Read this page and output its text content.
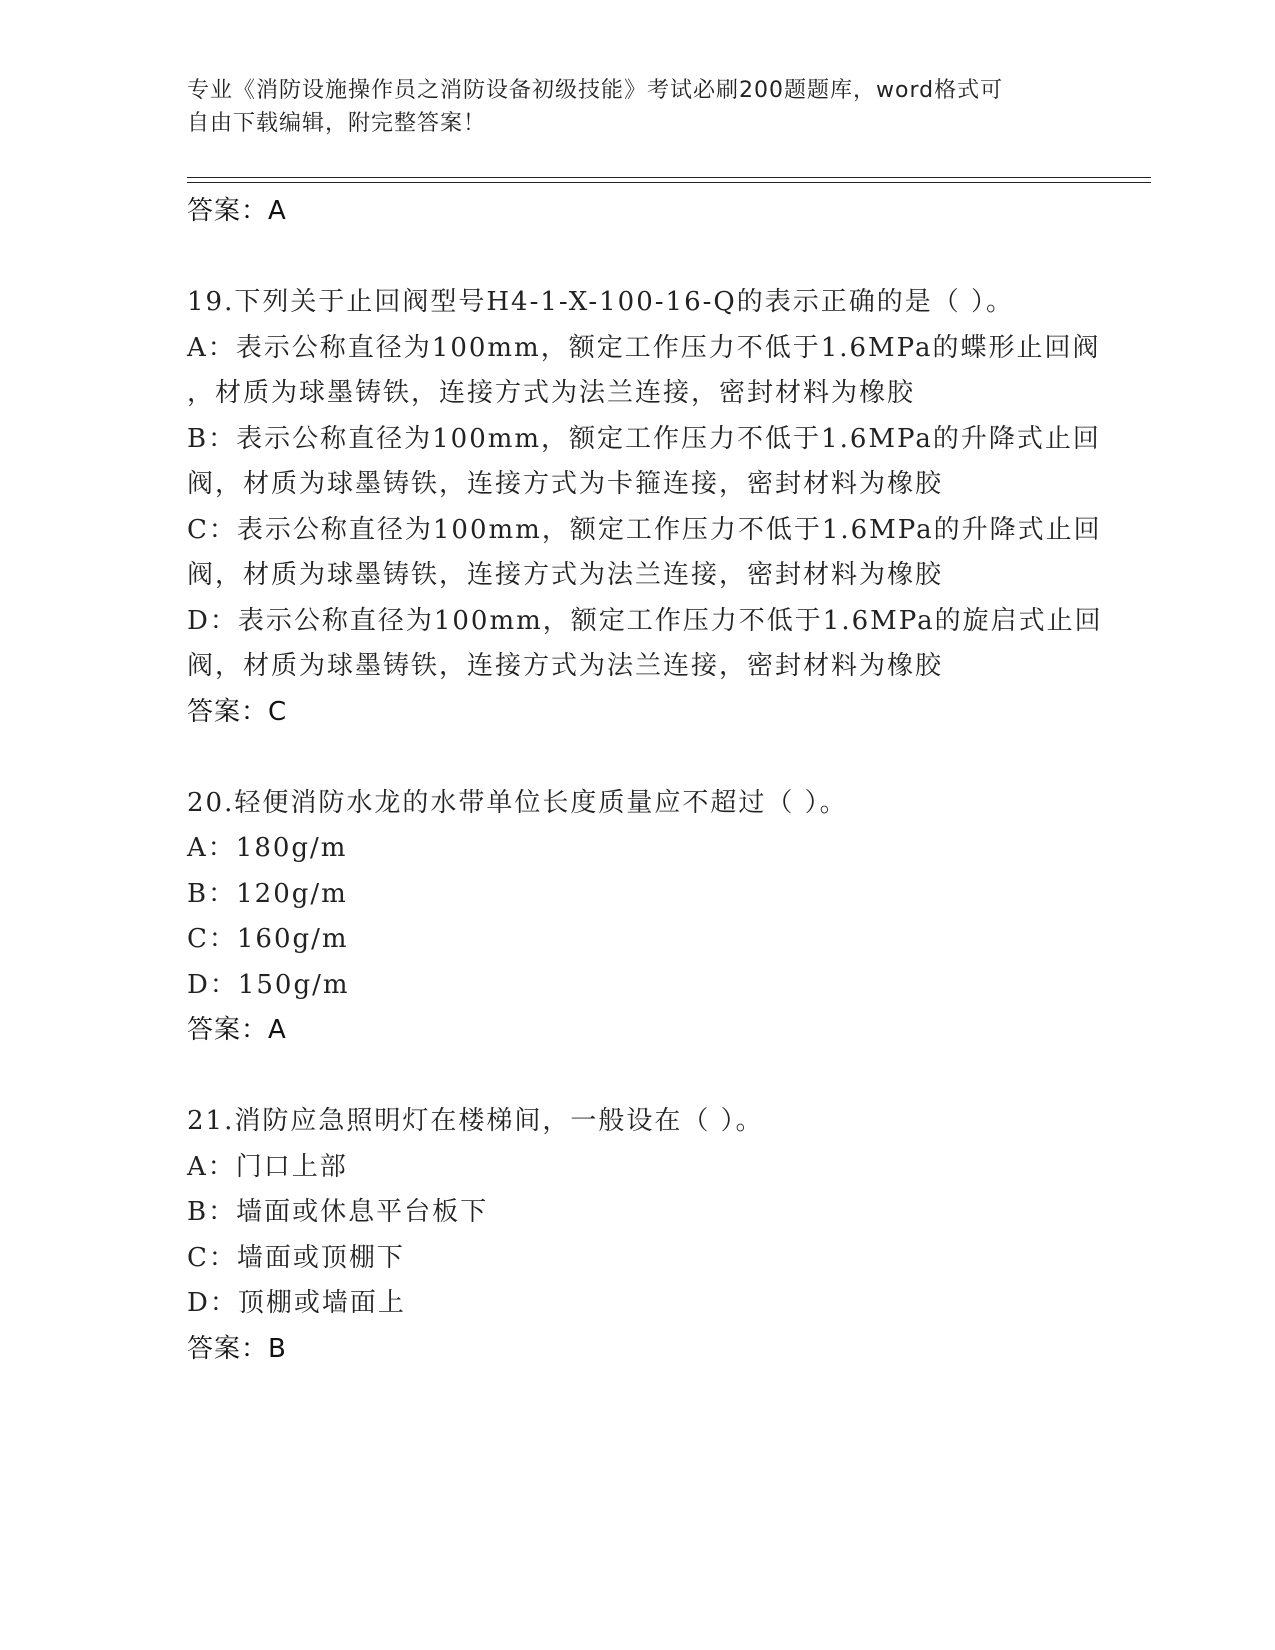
专业《消防设施操作员之消防设备初级技能》考试必刷200题题库，word格式可
自由下载编辑，附完整答案！
答案：A
19.下列关于止回阀型号H4-1-X-100-16-Q的表示正确的是（ ）。
A：表示公称直径为100mm，额定工作压力不低于1.6MPa的蝶形止回阀
，材质为球墨铸铁，连接方式为法兰连接，密封材料为橡胶
B：表示公称直径为100mm，额定工作压力不低于1.6MPa的升降式止回
阀，材质为球墨铸铁，连接方式为卡箍连接，密封材料为橡胶
C：表示公称直径为100mm，额定工作压力不低于1.6MPa的升降式止回
阀，材质为球墨铸铁，连接方式为法兰连接，密封材料为橡胶
D：表示公称直径为100mm，额定工作压力不低于1.6MPa的旋启式止回
阀，材质为球墨铸铁，连接方式为法兰连接，密封材料为橡胶
答案：C
20.轻便消防水龙的水带单位长度质量应不超过（ ）。
A：180g/m
B：120g/m
C：160g/m
D：150g/m
答案：A
21.消防应急照明灯在楼梯间，一般设在（ ）。
A：门口上部
B：墙面或休息平台板下
C：墙面或顶棚下
D：顶棚或墙面上
答案：B
